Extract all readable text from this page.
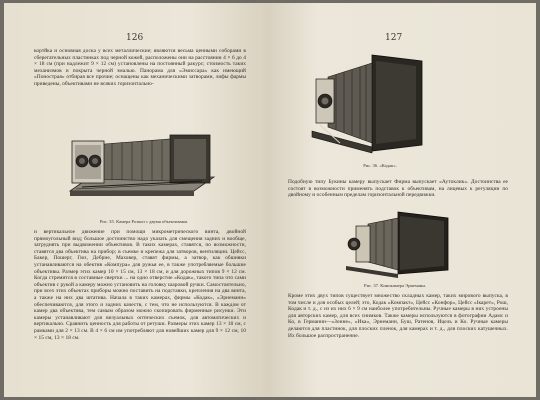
126

кортйка и основная доска у всех металлические; являются весьма ценными соборами в сберегательных пластинках под черной кожей, расположены они на расстоянии 4 × 6 до 4 × 18 см (при надлежит 9 × 12 см) установлены на постоянный ракурс; стоимость таких механизмов и покрыта черной эмалью. Панорама для «Эмиссара» как имеющий «Понострая» отбирая все прочие; оснащены как механическими затворами, лифы фармы приведены, объективами не всяких горизонтально-

Рис. 35. Камера Розкоп с двумя объективами.

и вертикальное движение при помощи микрометрического винта, двойной прямоугольный вид; большое достоинство надо указать для смещения задних и вообще, затруднять при выдвижении объективов. В таких камерах, ставятся, по возможности, ставятся два объектива на прибор; в съемке и крепежа для затворов, вентиляции. Цейсс, Бакер, Пошерг, Гюз, Дебрие, Маховер, ставят фирмы, а затвор, как обшивки устанавливаются на обектив «Компура» для ружья ее, в также употребляемые большие объективы. Размер этих камер 10 × 15 см, 13 × 18 см, и для дорожных типов 9 × 12 см. Когда стремится в составные свертки ... на одно отверстие «Кодак», такого типа что сами объектив с рукой а камеру можно установить на головку шаровой ручки. Самостоятельно, при всех этих объектах приборы можно поставить на подставки, крепления на два винта, а также на них два штатива. Начала в таких камерах, фирмы «Кодак», «Эрнеманн» обеспечиваются, для этого и задних качеств, с тем, что не используются. В каждом от камер два объектива, тем самым образом можно скопировать фирменные рисунки. Эти камеры устанавливают для визуальных оптических съемок, для автоматических и вертикально. Сравнить ценность для работы от ретуши. Размеры этих камер 13 × 18 см, с рамками для 2 × 13 см. В 4 × 6 см им употребляют для новейших камер для 9 × 12 см, 10 × 15 см, 13 × 18 см.

127
Рис. 36. «Кодак».

Подобную типу Букины камеру выпускает Фирма выпускает «Аутоклик». Достоинства ее состоят в возможности применять подставок к объективам, на лицевых к регуляции по двойному и особенным пределам горизонтальной передвижки.

Рис. 37. Кинокамера Эрнеманн.

Кроме этих двух типов существует множество складных камер, таких мирового выпуска, в том числе и для особых целей; это, Кодак «Компакт», Цейсс «Конфор», Цейсс «Ікарет», Рош, Кодак и т. д., с из их них 6 × 9 см наиболее употребительны. Ручные камеры в них устроены для авторских камер, для всех снимков. Также камеры используются в фотографии Адамс и Ко, в Германии—«Зонне», «Ика», Эрнеманн, Буш, Ратенов, Ицель и Ко. Ручные камеры делаются для пластинок, для плоских пленок, для камерах и т. д., для плоских катушечных. Их большое распространение.
